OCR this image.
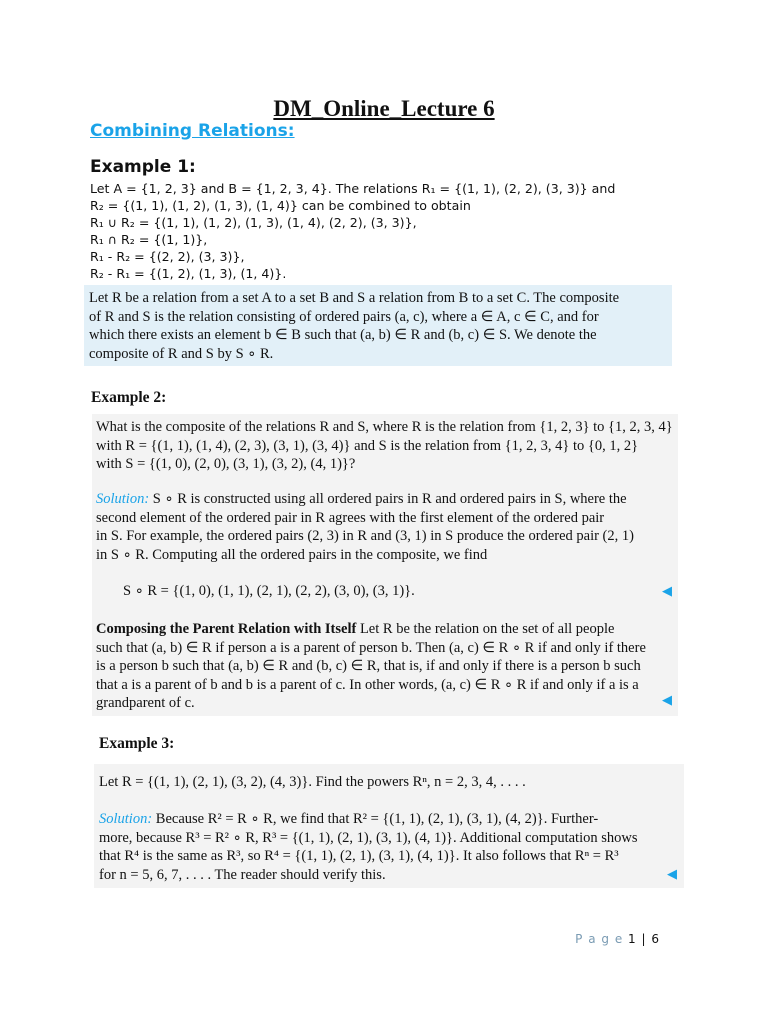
DM_Online_Lecture 6
Combining Relations:
Example 1:

Let A = {1, 2, 3} and B = {1, 2, 3, 4}. The relations R₁ = {(1, 1), (2, 2), (3, 3)} and

R₂ = {(1, 1), (1, 2), (1, 3), (1, 4)} can be combined to obtain

R₁ ∪ R₂ = {(1, 1), (1, 2), (1, 3), (1, 4), (2, 2), (3, 3)},

R₁ ∩ R₂ = {(1, 1)},

R₁ - R₂ = {(2, 2), (3, 3)},

R₂ - R₁ = {(1, 2), (1, 3), (1, 4)}.

Let R be a relation from a set A to a set B and S a relation from B to a set C. The composite

of R and S is the relation consisting of ordered pairs (a, c), where a ∈ A, c ∈ C, and for

which there exists an element b ∈ B such that (a, b) ∈ R and (b, c) ∈ S. We denote the

composite of R and S by S ∘ R.

Example 2:

What is the composite of the relations R and S, where R is the relation from {1, 2, 3} to {1, 2, 3, 4}

with R = {(1, 1), (1, 4), (2, 3), (3, 1), (3, 4)} and S is the relation from {1, 2, 3, 4} to {0, 1, 2}

with S = {(1, 0), (2, 0), (3, 1), (3, 2), (4, 1)}?

Solution: S ∘ R is constructed using all ordered pairs in R and ordered pairs in S, where the

second element of the ordered pair in R agrees with the first element of the ordered pair

in S. For example, the ordered pairs (2, 3) in R and (3, 1) in S produce the ordered pair (2, 1)

in S ∘ R. Computing all the ordered pairs in the composite, we find

S ∘ R = {(1, 0), (1, 1), (2, 1), (2, 2), (3, 0), (3, 1)}.	◀

Composing the Parent Relation with Itself Let R be the relation on the set of all people

such that (a, b) ∈ R if person a is a parent of person b. Then (a, c) ∈ R ∘ R if and only if there

is a person b such that (a, b) ∈ R and (b, c) ∈ R, that is, if and only if there is a person b such

that a is a parent of b and b is a parent of c. In other words, (a, c) ∈ R ∘ R if and only if a is a

grandparent of c.	◀
Example 3:
Let R = {(1, 1), (2, 1), (3, 2), (4, 3)}. Find the powers Rⁿ, n = 2, 3, 4, . . . .

Solution: Because R² = R ∘ R, we find that R² = {(1, 1), (2, 1), (3, 1), (4, 2)}. Further-

more, because R³ = R² ∘ R, R³ = {(1, 1), (2, 1), (3, 1), (4, 1)}. Additional computation shows

that R⁴ is the same as R³, so R⁴ = {(1, 1), (2, 1), (3, 1), (4, 1)}. It also follows that Rⁿ = R³

for n = 5, 6, 7, . . . . The reader should verify this.	◀
P a g e 1 | 6
